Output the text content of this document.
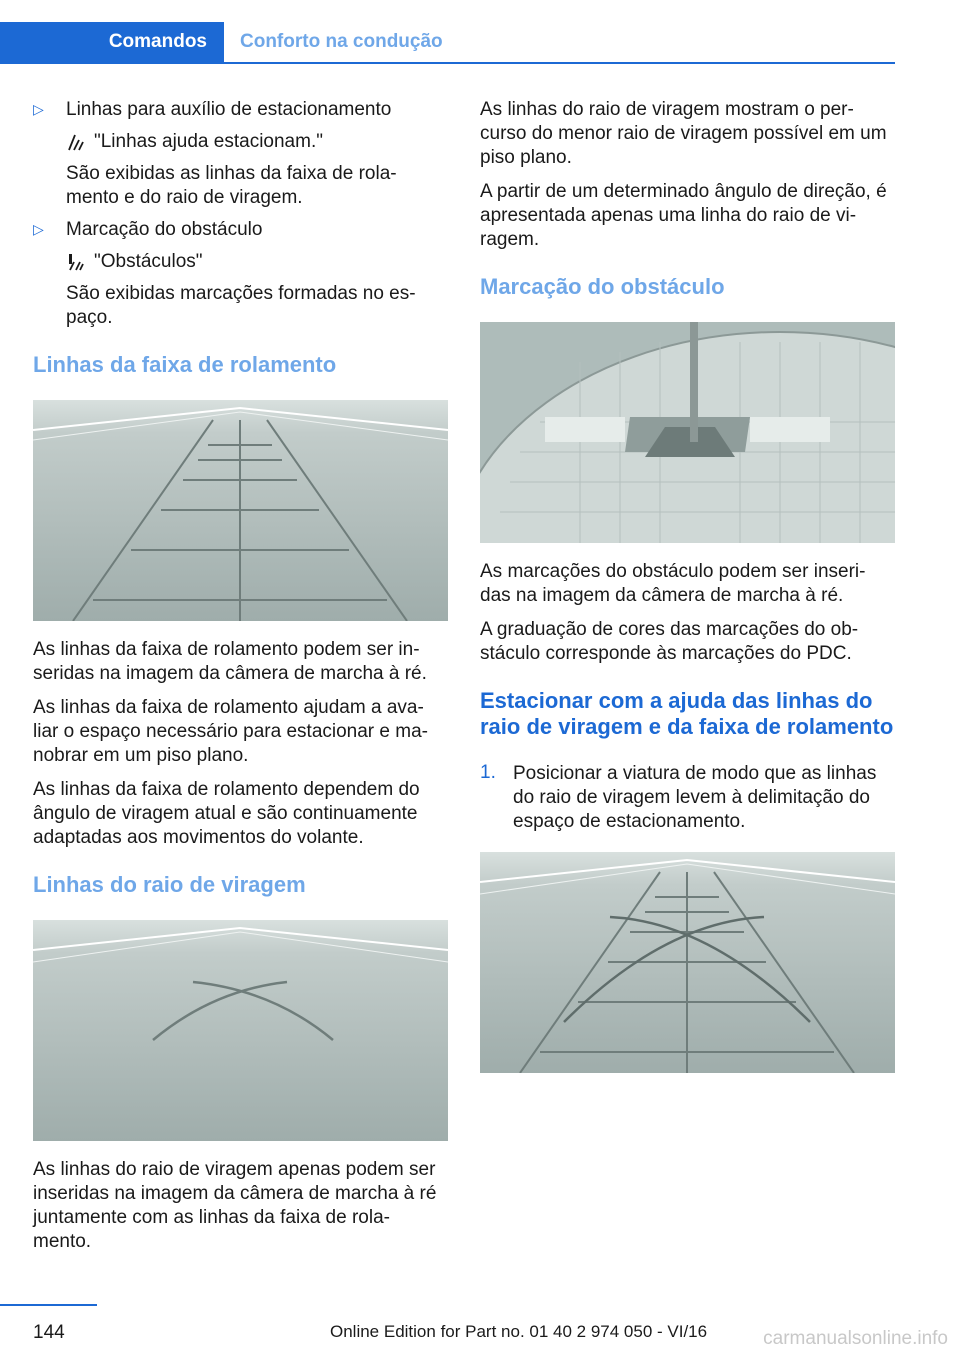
Comandos	Conforto na condução
▷ Linhas para auxílio de estacionamento
"Linhas ajuda estacionam."
São exibidas as linhas da faixa de rola- mento e do raio de viragem.
▷ Marcação do obstáculo
"Obstáculos"
São exibidas marcações formadas no es- paço.
Linhas da faixa de rolamento

As linhas da faixa de rolamento podem ser in- seridas na imagem da câmera de marcha à ré.

As linhas da faixa de rolamento ajudam a ava- liar o espaço necessário para estacionar e ma- nobrar em um piso plano.

As linhas da faixa de rolamento dependem do ângulo de viragem atual e são continuamente adaptadas aos movimentos do volante.

Linhas do raio de viragem

As linhas do raio de viragem apenas podem ser inseridas na imagem da câmera de marcha à ré juntamente com as linhas da faixa de rola- mento.

As linhas do raio de viragem mostram o per- curso do menor raio de viragem possível em um piso plano.

A partir de um determinado ângulo de direção, é apresentada apenas uma linha do raio de vi- ragem.

Marcação do obstáculo

As marcações do obstáculo podem ser inseri- das na imagem da câmera de marcha à ré.

A graduação de cores das marcações do ob- stáculo corresponde às marcações do PDC.

Estacionar com a ajuda das linhas do raio de viragem e da faixa de rolamento
1. Posicionar a viatura de modo que as linhas do raio de viragem levem à delimitação do espaço de estacionamento.

144	Online Edition for Part no. 01 40 2 974 050 - VI/16	carmanualsonline.info
